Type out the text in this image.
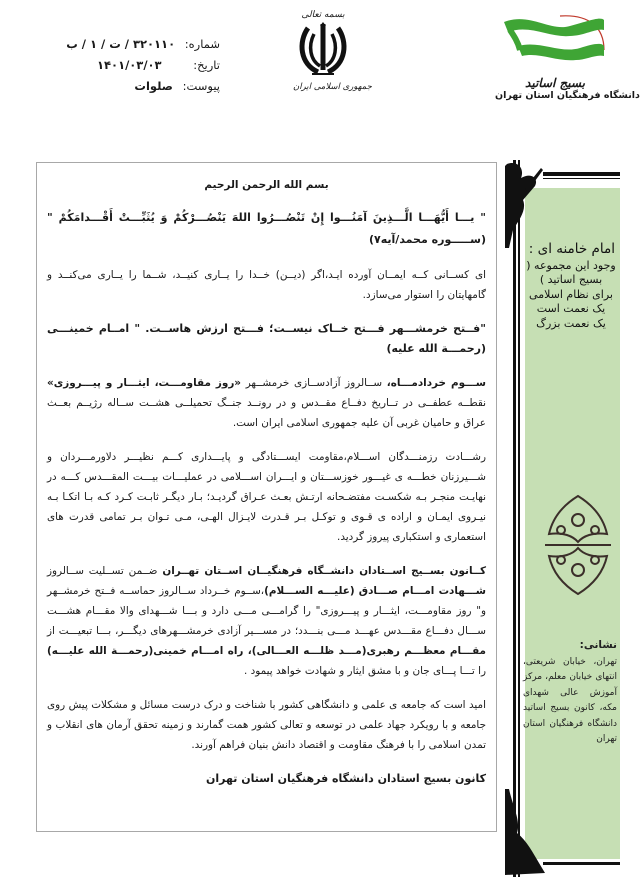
شماره: ۳۲۰۱۱۰ / ت / ۱ / ب
تاریخ: ۱۴۰۱/۰۳/۰۳
پیوست: صلوات
بسمه تعالی
جمهوری اسلامی ایران	بسیج اساتید
دانشگاه فرهنگیان استان تهران

بسم الله الرحمن الرحیم

" یـــا أَیُّهَـــا الَّـــذِینَ آمَنُـــوا إِنْ تَنْصُـــرُوا اللهَ یَنْصُـــرْکُمْ وَ یُثَبِّـــتْ أَقْـــدامَکُمْ "(ســـــوره محمد/آیه۷)

ای کســانی کــه ایمــان آورده ایـد،اگر (دیــن) خــدا را یــاری کنیــد، شــما را یــاری می‌کنــد و گامهایتان را استوار می‌سازد.

"فــتح خرمشـــهر فـــتح خــاک نیســت؛ فـــتح ارزش هاســت. " امــام خمینـــی (رحمـــة الله علیه)

ســـوم خردادمـــاه، ســالروز آزادســازی خرمشــهر «روز مقاومـــت، ایثـــار و پیـــروزی» نقطــه عطفــی در تــاریخ دفــاع مقــدس و در رونــد جنــگ تحمیلــی هشــت ســاله رژیــم بعــث عراق و حامیان غربی آن علیه جمهوری اسلامی ایران است.

رشـــادت رزمنـــدگان اســـلام،مقاومت ایســـتادگی و پایـــداری کـــم نظیـــر دلاورمـــردان و شـــیرزنان خطـــه ی غیـــور خوزســـتان و ایـــران اســـلامی در عملیـــات بیـــت المقـــدس کـــه در نهایـت منجـر بـه شکسـت مفتضـحانه ارتـش بعـث عـراق گردیـد؛ بـار دیگـر ثابـت کـرد کـه بـا اتکـا بـه نیـروی ایمـان و اراده ی قـوی و توکـل بـر قـدرت لایـزال الهـی، مـی تـوان بـر تمامی قدرت های استعماری و استکباری پیروز گردید.

کــانون بســیج اســتادان دانشــگاه فرهنگیــان اســتان تهــران ضــمن تســلیت ســالروز شـــهادت امـــام صـــادق (علیـــه الســـلام)،ســوم خــرداد ســالروز حماســه فــتح خرمشــهر و" روز مقاومـــت، ایثـــار و پیـــروزی" را گرامـــی مـــی دارد و بـــا شـــهدای والا مقـــام هشـــت ســـال دفـــاع مقـــدس عهـــد مـــی بنـــدد؛ در مســـیر آزادی خرمشـــهرهای دیگـــر، بـــا تبعیـــت از مقـــام معظـــم رهبری(مـــد ظلـــه العـــالی)، راه امـــام خمینی(رحمـــة الله علیـــه) را تـــا پـــای جان و با مشق ایثار و شهادت خواهد پیمود .

امید است که جامعه ی علمی و دانشگاهی کشور با شناخت و درک درست مسائل و مشکلات پیش روی جامعه و با رویکرد جهاد علمی در توسعه و تعالی کشور همت گمارند و زمینه تحقق آرمان های انقلاب و تمدن اسلامی را با فرهنگ مقاومت و اقتصاد دانش بنیان فراهم آورند.

کانون بسیج استادان دانشگاه فرهنگیان استان تهران

امام خامنه ای :
وجود این مجموعه (
بسیج اساتید )
برای نظام اسلامی
یک نعمت است
یک نعمت بزرگ
نشانی:
تهران، خیابان شریعتی، انتهای خیابان معلم، مرکز آموزش عالی شهدای مکه، کانون بسیج اساتید دانشگاه فرهنگیان استان تهران
